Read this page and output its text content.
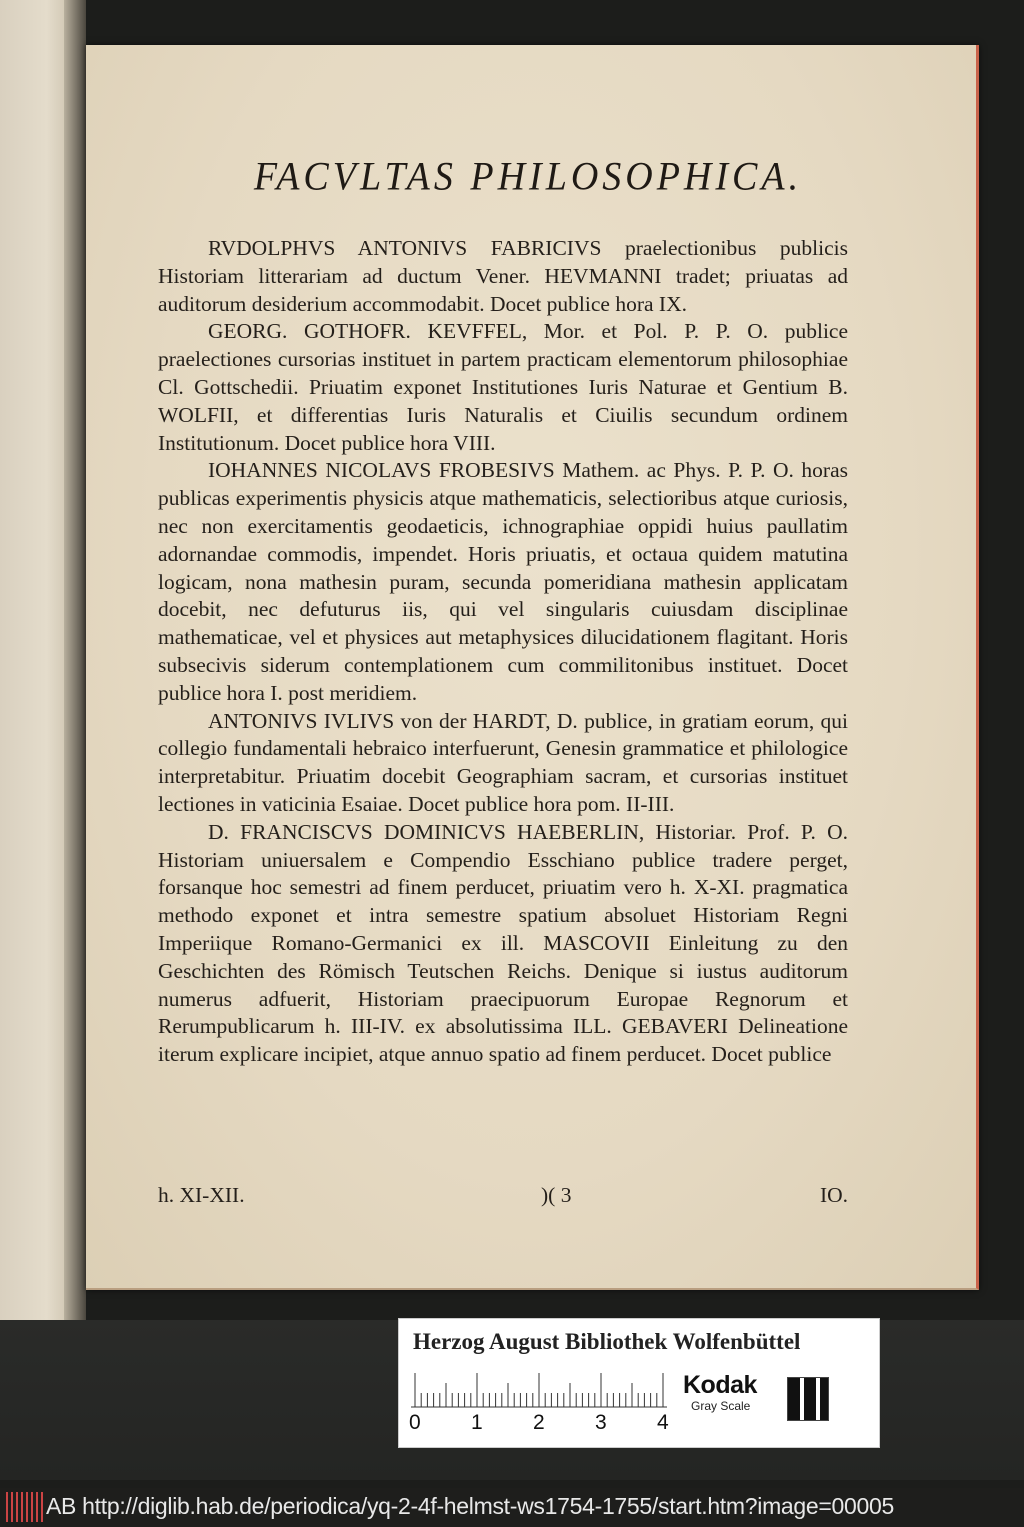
FACVLTAS PHILOSOPHICA.

RVDOLPHVS ANTONIVS FABRICIVS praelectionibus publicis Historiam litterariam ad ductum Vener. HEVMANNI tradet; priuatas ad auditorum desiderium accommodabit. Docet publice hora IX.

GEORG. GOTHOFR. KEVFFEL, Mor. et Pol. P. P. O. publice praelectiones cursorias instituet in partem practicam elementorum philosophiae Cl. Gottschedii. Priuatim exponet Institutiones Iuris Naturae et Gentium B. WOLFII, et differentias Iuris Naturalis et Ciuilis secundum ordinem Institutionum. Docet publice hora VIII.

IOHANNES NICOLAVS FROBESIVS Mathem. ac Phys. P. P. O. horas publicas experimentis physicis atque mathematicis, selectioribus atque curiosis, nec non exercitamentis geodaeticis, ichnographiae oppidi huius paullatim adornandae commodis, impendet. Horis priuatis, et octaua quidem matutina logicam, nona mathesin puram, secunda pomeridiana mathesin applicatam docebit, nec defuturus iis, qui vel singularis cuiusdam disciplinae mathematicae, vel et physices aut metaphysices dilucidationem flagitant. Horis subsecivis siderum contemplationem cum commilitonibus instituet. Docet publice hora I. post meridiem.

ANTONIVS IVLIVS von der HARDT, D. publice, in gratiam eorum, qui collegio fundamentali hebraico interfuerunt, Genesin grammatice et philologice interpretabitur. Priuatim docebit Geographiam sacram, et cursorias instituet lectiones in vaticinia Esaiae. Docet publice hora pom. II-III.

D. FRANCISCVS DOMINICVS HAEBERLIN, Historiar. Prof. P. O. Historiam uniuersalem e Compendio Esschiano publice tradere perget, forsanque hoc semestri ad finem perducet, priuatim vero h. X-XI. pragmatica methodo exponet et intra semestre spatium absoluet Historiam Regni Imperiique Romano-Germanici ex ill. MASCOVII Einleitung zu den Geschichten des Römisch Teutschen Reichs. Denique si iustus auditorum numerus adfuerit, Historiam praecipuorum Europae Regnorum et Rerumpublicarum h. III-IV. ex absolutissima ILL. GEBAVERI Delineatione iterum explicare incipiet, atque annuo spatio ad finem perducet. Docet publice

h. XI-XII.	)( 3	IO.
Herzog August Bibliothek Wolfenbüttel
0 1 2 3 4
Kodak
Gray Scale
AB http://diglib.hab.de/periodica/yq-2-4f-helmst-ws1754-1755/start.htm?image=00005
